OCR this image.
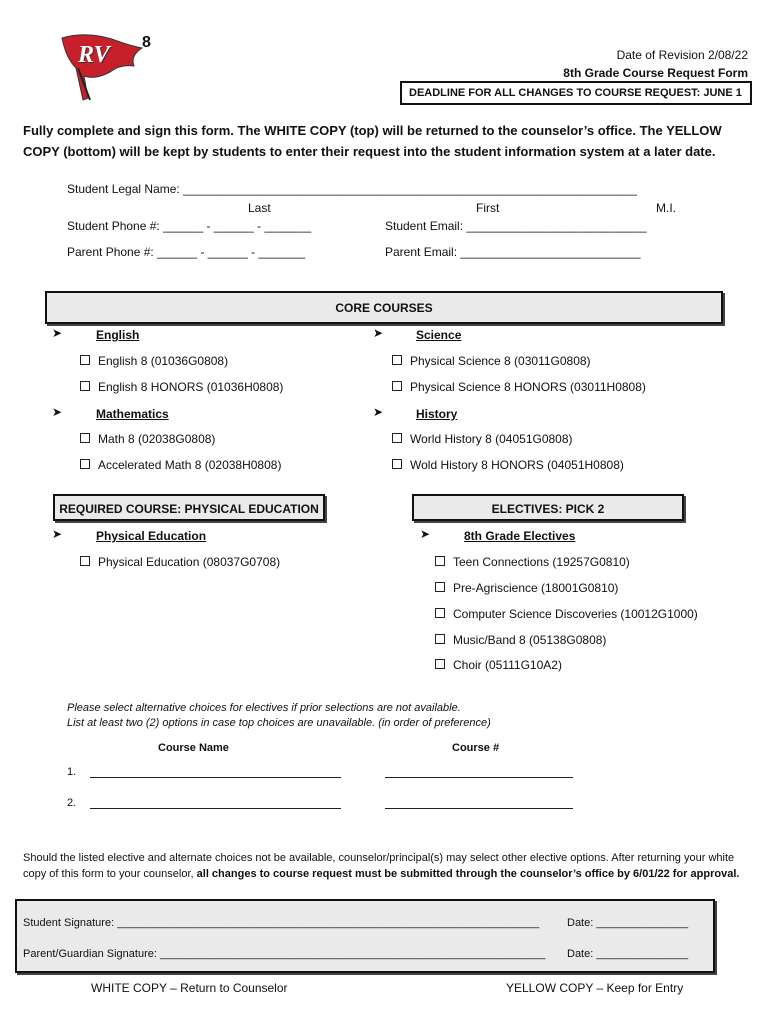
RV 8
Date of Revision 2/08/22
8th Grade Course Request Form
DEADLINE FOR ALL CHANGES TO COURSE REQUEST: JUNE 1
Fully complete and sign this form. The WHITE COPY (top) will be returned to the counselor’s office. The YELLOW COPY (bottom) will be kept by students to enter their request into the student information system at a later date.
Student Legal Name: ____________________________________________________________________
Last	First	M.I.
Student Phone #: ______ - ______ - _______	Student Email: ___________________________
Parent Phone #: ______ - ______ - _______	Parent Email: ___________________________
CORE COURSES
➤	English
English 8 (01036G0808)
English 8 HONORS (01036H0808)
➤	Mathematics
Math 8 (02038G0808)
Accelerated Math 8 (02038H0808)
➤	Science
Physical Science 8 (03011G0808)
Physical Science 8 HONORS (03011H0808)
➤	History
World History 8 (04051G0808)
Wold History 8 HONORS (04051H0808)
REQUIRED COURSE: PHYSICAL EDUCATION
➤	Physical Education
Physical Education (08037G0708)
ELECTIVES: PICK 2
➤	8th Grade Electives
Teen Connections (19257G0810)
Pre-Agriscience (18001G0810)
Computer Science Discoveries (10012G1000)
Music/Band 8 (05138G0808)
Choir (05111G10A2)
Please select alternative choices for electives if prior selections are not available.
List at least two (2) options in case top choices are unavailable. (in order of preference)
Course Name	Course #
1.
2.
Should the listed elective and alternate choices not be available, counselor/principal(s) may select other elective options. After returning your white copy of this form to your counselor, all changes to course request must be submitted through the counselor’s office by 6/01/22 for approval.
Student Signature: _____________________________________________________________________	Date: _______________
Parent/Guardian Signature: _______________________________________________________________ Date: _______________
WHITE COPY – Return to Counselor	YELLOW COPY – Keep for Entry
